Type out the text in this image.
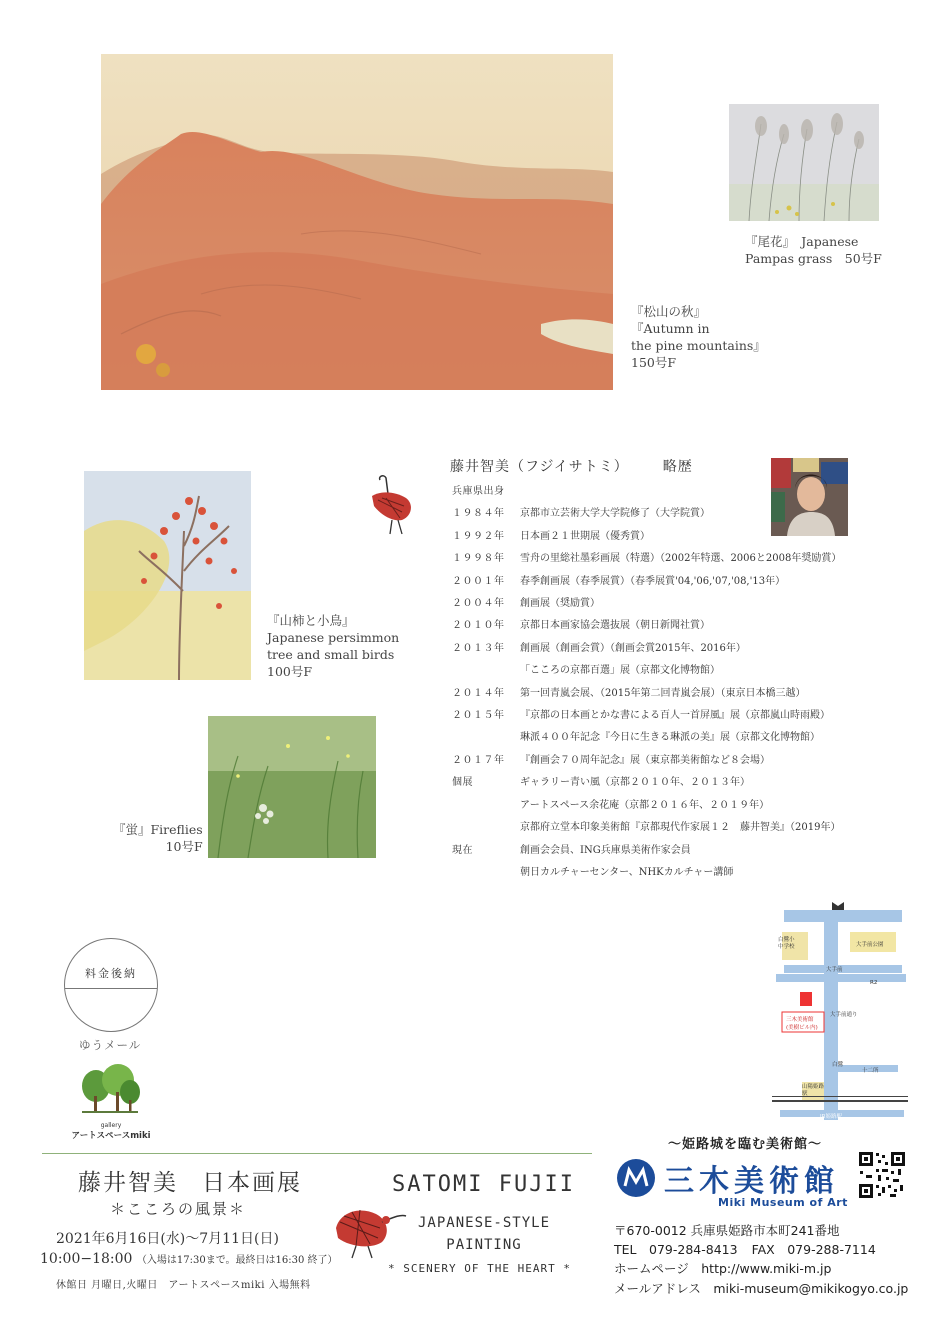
『松山の秋』
『Autumn in
the pine mountains』
150号F
『尾花』　Japanese
Pampas grass　50号F
『山柿と小鳥』
Japanese persimmon
tree and small birds
100号F
『蛍』Fireflies
10号F
藤井智美（フジイサトミ） 略歴
兵庫県出身
１９８４年	京都市立芸術大学大学院修了（大学院賞）
１９９２年	日本画２１世期展（優秀賞）
１９９８年	雪舟の里総社墨彩画展（特選）（2002年特選、2006と2008年奨励賞）
２００１年	春季創画展（春季展賞）（春季展賞'04,'06,'07,'08,'13年）
２００４年	創画展（奨励賞）
２０１０年	京都日本画家協会選抜展（朝日新聞社賞）
２０１３年	創画展（創画会賞）（創画会賞2015年、2016年）
「こころの京都百選」展（京都文化博物館）
２０１４年	第一回青嵐会展、（2015年第二回青嵐会展）（東京日本橋三越）
２０１５年	『京都の日本画とかな書による百人一首屏風』展（京都嵐山時雨殿）
琳派４００年記念『今日に生きる琳派の美』展（京都文化博物館）
２０１７年	『創画会７０周年記念』展（東京都美術館など８会場）
個展	ギャラリー青い風（京都２０１０年、２０１３年）
アートスペース余花庵（京都２０１６年、２０１９年）
京都府立堂本印象美術館『京都現代作家展１２　藤井智美』（2019年）
現在	創画会会員、ING兵庫県美術作家会員
朝日カルチャーセンター、NHKカルチャー講師
料金後納
ゆうメール
gallery
アートスペースmiki
白鷺小中学校	大手前公園
大手前通り
大手前
R2
三木美術館
(美樹ビル内)
十二所
山陽姫路駅
JR姫路駅
白鷺
藤井智美 日本画展
＊こころの風景＊
2021年6月16日(水)〜7月11日(日)
10:00−18:00 （入場は17:30まで。最終日は16:30 終了）
休館日 月曜日,火曜日　アートスペースmiki 入場無料
SATOMI FUJII
JAPANESE-STYLE
PAINTING
* SCENERY OF THE HEART *
〜姫路城を臨む美術館〜
三木美術館
Miki Museum of Art
〒670-0012 兵庫県姫路市本町241番地
TEL　079-284-8413 FAX　079-288-7114
ホームページ　http://www.miki-m.jp
メールアドレス　miki-museum@mikikogyo.co.jp
